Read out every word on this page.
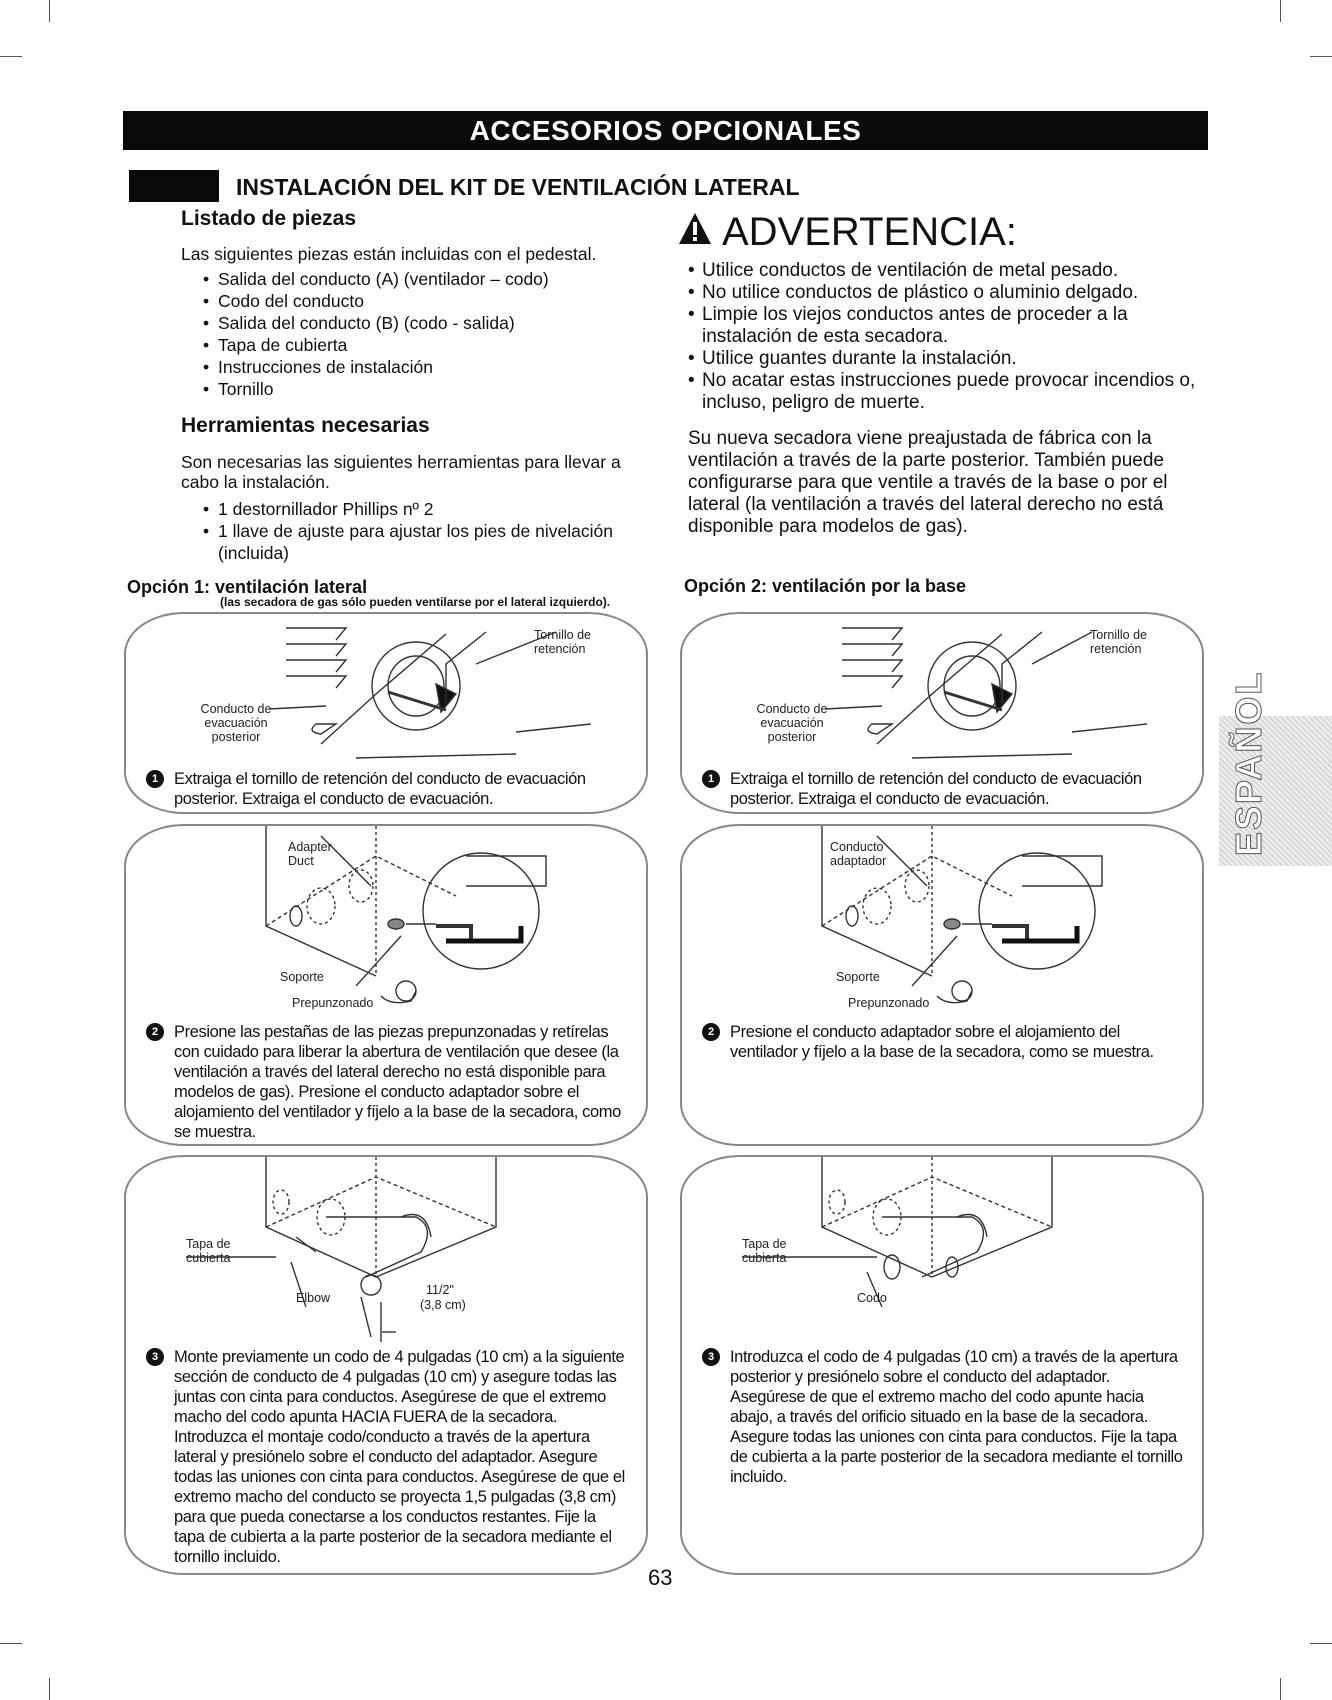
ACCESORIOS OPCIONALES
INSTALACIÓN DEL KIT DE VENTILACIÓN LATERAL
Listado de piezas

Las siguientes piezas están incluidas con el pedestal.

• Salida del conducto (A) (ventilador – codo)
• Codo del conducto
• Salida del conducto (B) (codo - salida)
• Tapa de cubierta
• Instrucciones de instalación
• Tornillo
Herramientas necesarias

Son necesarias las siguientes herramientas para llevar a cabo la instalación.

• 1 destornillador Phillips nº 2
• 1 llave de ajuste para ajustar los pies de nivelación (incluida)
ADVERTENCIA:
• Utilice conductos de ventilación de metal pesado.
• No utilice conductos de plástico o aluminio delgado.
• Limpie los viejos conductos antes de proceder a la instalación de esta secadora.
• Utilice guantes durante la instalación.
• No acatar estas instrucciones puede provocar incendios o, incluso, peligro de muerte.

Su nueva secadora viene preajustada de fábrica con la ventilación a través de la parte posterior. También puede configurarse para que ventile a través de la base o por el lateral (la ventilación a través del lateral derecho no está disponible para modelos de gas).

Opción 1: ventilación lateral
(las secadora de gas sólo pueden ventilarse por el lateral izquierdo).
Opción 2: ventilación por la base
Tornillo de retención
Conducto de evacuación posterior
1 Extraiga el tornillo de retención del conducto de evacuación posterior. Extraiga el conducto de evacuación.
Adapter Duct
Soporte
Prepunzonado
2 Presione las pestañas de las piezas prepunzonadas y retírelas con cuidado para liberar la abertura de ventilación que desee (la ventilación a través del lateral derecho no está disponible para modelos de gas). Presione el conducto adaptador sobre el alojamiento del ventilador y fíjelo a la base de la secadora, como se muestra.
Tapa de cubierta
Elbow
11/2"
(3,8 cm)
3 Monte previamente un codo de 4 pulgadas (10 cm) a la siguiente sección de conducto de 4 pulgadas (10 cm) y asegure todas las juntas con cinta para conductos. Asegúrese de que el extremo macho del codo apunta HACIA FUERA de la secadora. Introduzca el montaje codo/conducto a través de la apertura lateral y presiónelo sobre el conducto del adaptador. Asegure todas las uniones con cinta para conductos. Asegúrese de que el extremo macho del conducto se proyecta 1,5 pulgadas (3,8 cm) para que pueda conectarse a los conductos restantes. Fije la tapa de cubierta a la parte posterior de la secadora mediante el tornillo incluido.
Tornillo de retención
Conducto de evacuación posterior
1 Extraiga el tornillo de retención del conducto de evacuación posterior. Extraiga el conducto de evacuación.
Conducto adaptador
Soporte
Prepunzonado
2 Presione el conducto adaptador sobre el alojamiento del ventilador y fíjelo a la base de la secadora, como se muestra.
Tapa de cubierta
Codo
3 Introduzca el codo de 4 pulgadas (10 cm) a través de la apertura posterior y presiónelo sobre el conducto del adaptador. Asegúrese de que el extremo macho del codo apunte hacia abajo, a través del orificio situado en la base de la secadora. Asegure todas las uniones con cinta para conductos. Fije la tapa de cubierta a la parte posterior de la secadora mediante el tornillo incluido.
ESPAÑOL
63
